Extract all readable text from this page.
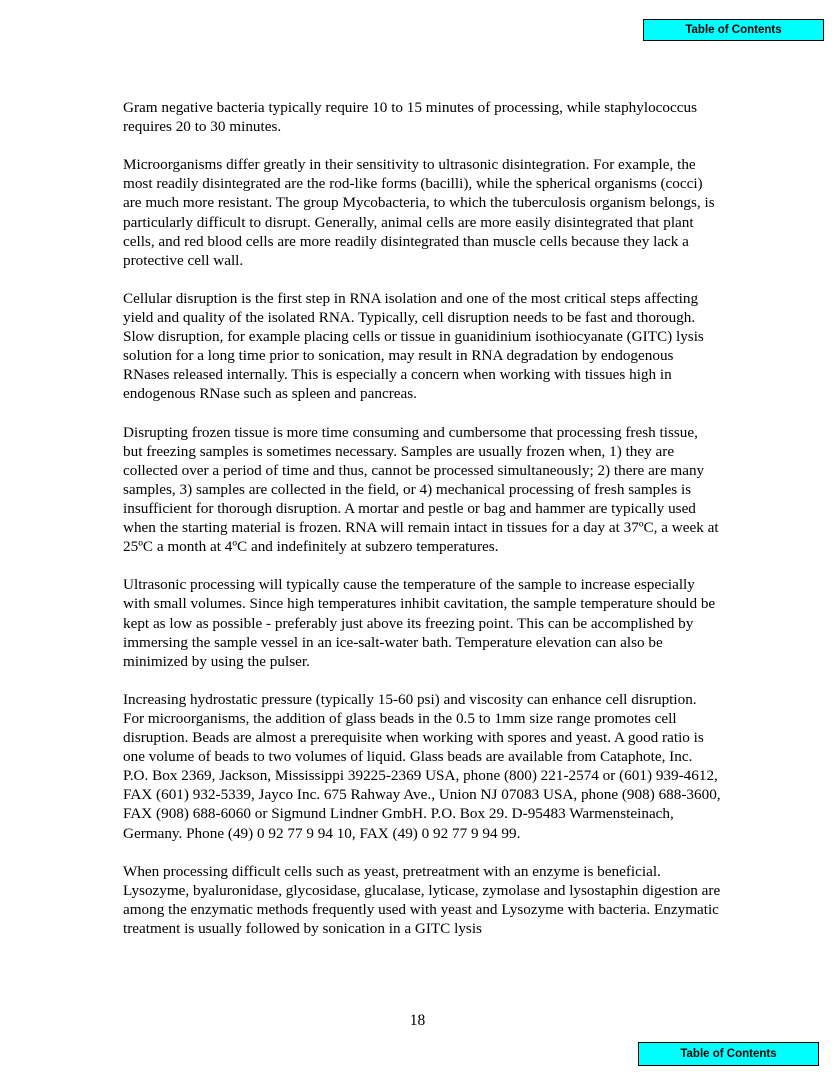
Table of Contents

Gram negative bacteria typically require 10 to 15 minutes of processing, while staphylococcus requires 20 to 30 minutes.

Microorganisms differ greatly in their sensitivity to ultrasonic disintegration. For example, the most readily disintegrated are the rod-like forms (bacilli), while the spherical organisms (cocci) are much more resistant. The group Mycobacteria, to which the tuberculosis organism belongs, is particularly difficult to disrupt. Generally, animal cells are more easily disintegrated that plant cells, and red blood cells are more readily disintegrated than muscle cells because they lack a protective cell wall.

Cellular disruption is the first step in RNA isolation and one of the most critical steps affecting yield and quality of the isolated RNA. Typically, cell disruption needs to be fast and thorough. Slow disruption, for example placing cells or tissue in guanidinium isothiocyanate (GITC) lysis solution for a long time prior to sonication, may result in RNA degradation by endogenous RNases released internally. This is especially a concern when working with tissues high in endogenous RNase such as spleen and pancreas.

Disrupting frozen tissue is more time consuming and cumbersome that processing fresh tissue, but freezing samples is sometimes necessary. Samples are usually frozen when, 1) they are collected over a period of time and thus, cannot be processed simultaneously; 2) there are many samples, 3) samples are collected in the field, or 4) mechanical processing of fresh samples is insufficient for thorough disruption. A mortar and pestle or bag and hammer are typically used when the starting material is frozen. RNA will remain intact in tissues for a day at 37ºC, a week at 25ºC a month at 4ºC and indefinitely at subzero temperatures.

Ultrasonic processing will typically cause the temperature of the sample to increase especially with small volumes. Since high temperatures inhibit cavitation, the sample temperature should be kept as low as possible - preferably just above its freezing point. This can be accomplished by immersing the sample vessel in an ice-salt-water bath. Temperature elevation can also be minimized by using the pulser.

Increasing hydrostatic pressure (typically 15-60 psi) and viscosity can enhance cell disruption. For microorganisms, the addition of glass beads in the 0.5 to 1mm size range promotes cell disruption. Beads are almost a prerequisite when working with spores and yeast. A good ratio is one volume of beads to two volumes of liquid. Glass beads are available from Cataphote, Inc. P.O. Box 2369, Jackson, Mississippi 39225-2369 USA, phone (800) 221-2574 or (601) 939-4612, FAX (601) 932-5339, Jayco Inc. 675 Rahway Ave., Union NJ 07083 USA, phone (908) 688-3600, FAX (908) 688-6060 or Sigmund Lindner GmbH. P.O. Box 29. D-95483 Warmensteinach, Germany. Phone (49) 0 92 77 9 94 10, FAX (49) 0 92 77 9 94 99.

When processing difficult cells such as yeast, pretreatment with an enzyme is beneficial. Lysozyme, byaluronidase, glycosidase, glucalase, lyticase, zymolase and lysostaphin digestion are among the enzymatic methods frequently used with yeast and Lysozyme with bacteria. Enzymatic treatment is usually followed by sonication in a GITC lysis

18
Table of Contents
